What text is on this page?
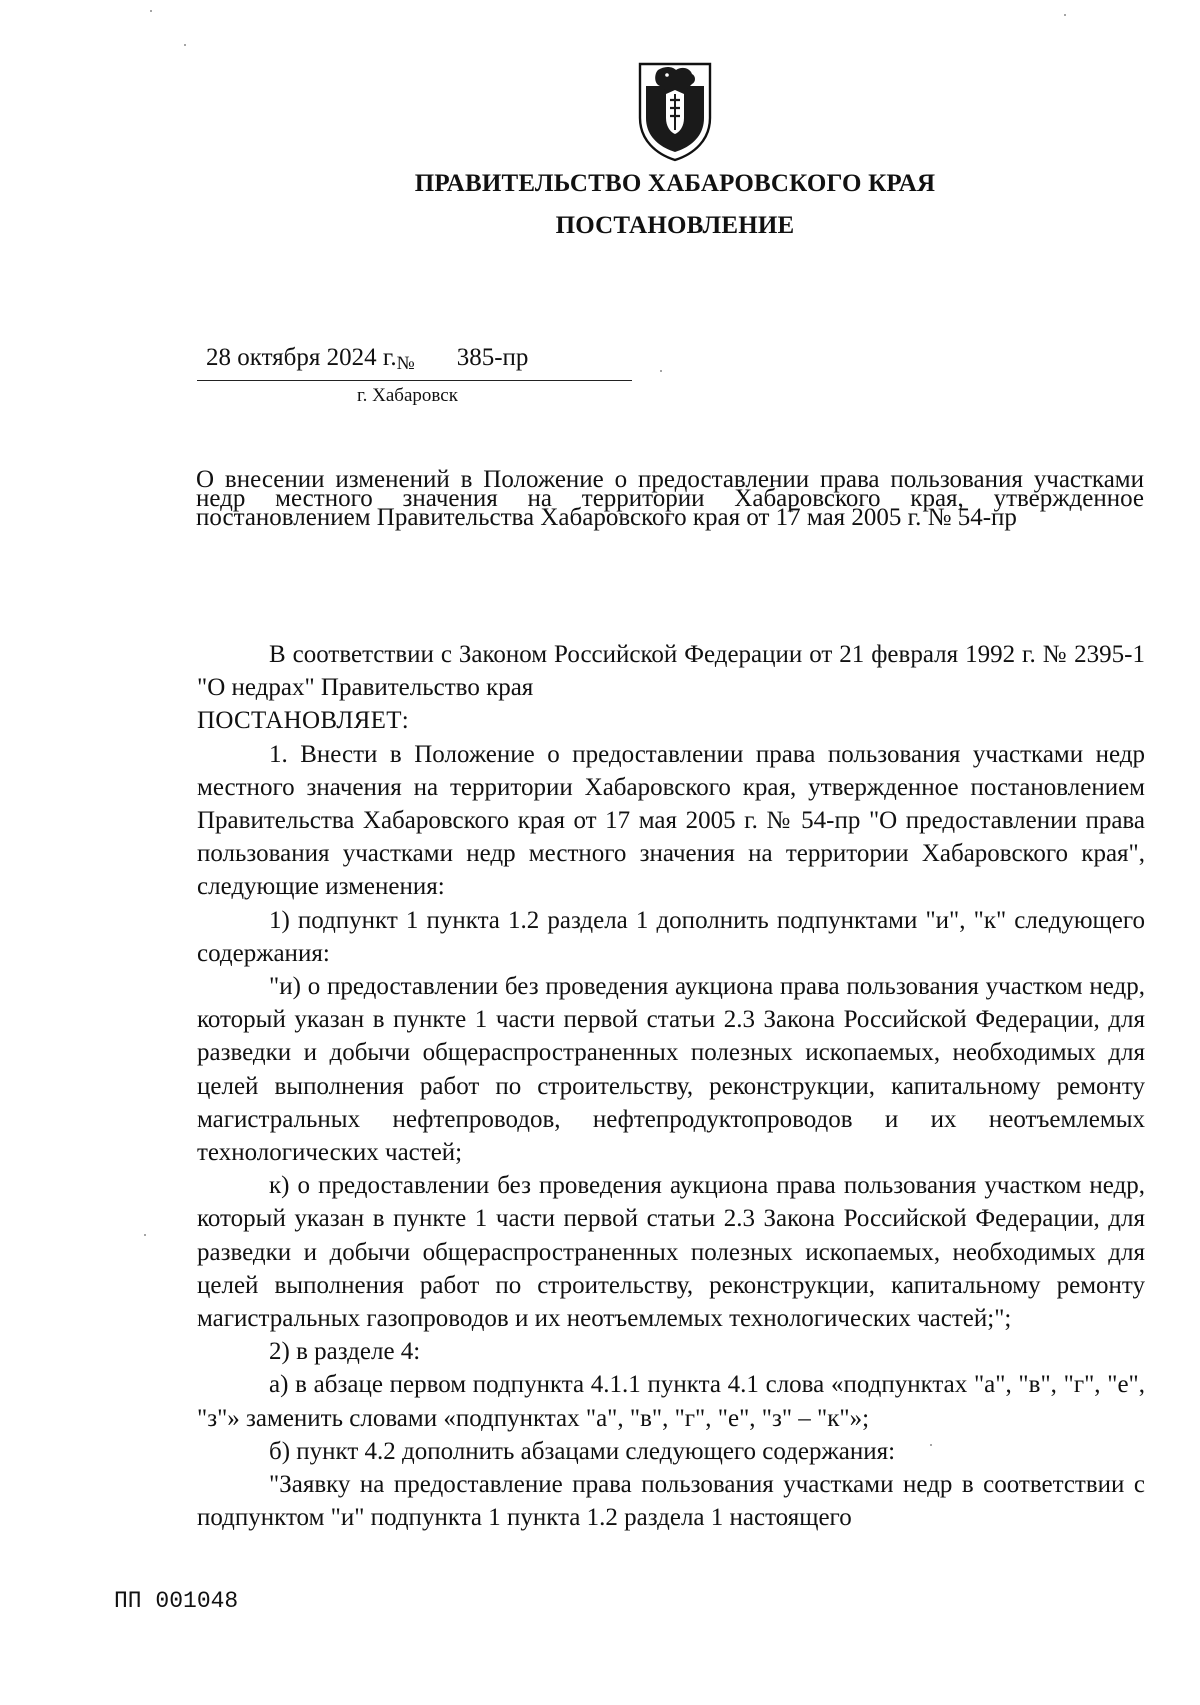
ПРАВИТЕЛЬСТВО ХАБАРОВСКОГО КРАЯ
ПОСТАНОВЛЕНИЕ
28 октября 2024 г.№ 385-пр
г. Хабаровск
О внесении изменений в Положение о предоставлении права пользования участками недр местного значения на территории Хабаровского края, утвержденное постановлением Правительства Хабаровского края от 17 мая 2005 г. № 54-пр

В соответствии с Законом Российской Федерации от 21 февраля 1992 г. № 2395-1 "О недрах" Правительство края

ПОСТАНОВЛЯЕТ:

1. Внести в Положение о предоставлении права пользования участками недр местного значения на территории Хабаровского края, утвержденное постановлением Правительства Хабаровского края от 17 мая 2005 г. № 54-пр "О предоставлении права пользования участками недр местного значения на территории Хабаровского края", следующие изменения:

1) подпункт 1 пункта 1.2 раздела 1 дополнить подпунктами "и", "к" следующего содержания:

"и) о предоставлении без проведения аукциона права пользования участком недр, который указан в пункте 1 части первой статьи 2.3 Закона Российской Федерации, для разведки и добычи общераспространенных полезных ископаемых, необходимых для целей выполнения работ по строительству, реконструкции, капитальному ремонту магистральных нефтепроводов, нефтепродуктопроводов и их неотъемлемых технологических частей;

к) о предоставлении без проведения аукциона права пользования участком недр, который указан в пункте 1 части первой статьи 2.3 Закона Российской Федерации, для разведки и добычи общераспространенных полезных ископаемых, необходимых для целей выполнения работ по строительству, реконструкции, капитальному ремонту магистральных газопроводов и их неотъемлемых технологических частей;";

2) в разделе 4:

а) в абзаце первом подпункта 4.1.1 пункта 4.1 слова «подпунктах "а", "в", "г", "е", "з"» заменить словами «подпунктах "а", "в", "г", "е", "з" – "к"»;

б) пункт 4.2 дополнить абзацами следующего содержания:

"Заявку на предоставление права пользования участками недр в соответствии с подпунктом "и" подпункта 1 пункта 1.2 раздела 1 настоящего

ПП 001048
